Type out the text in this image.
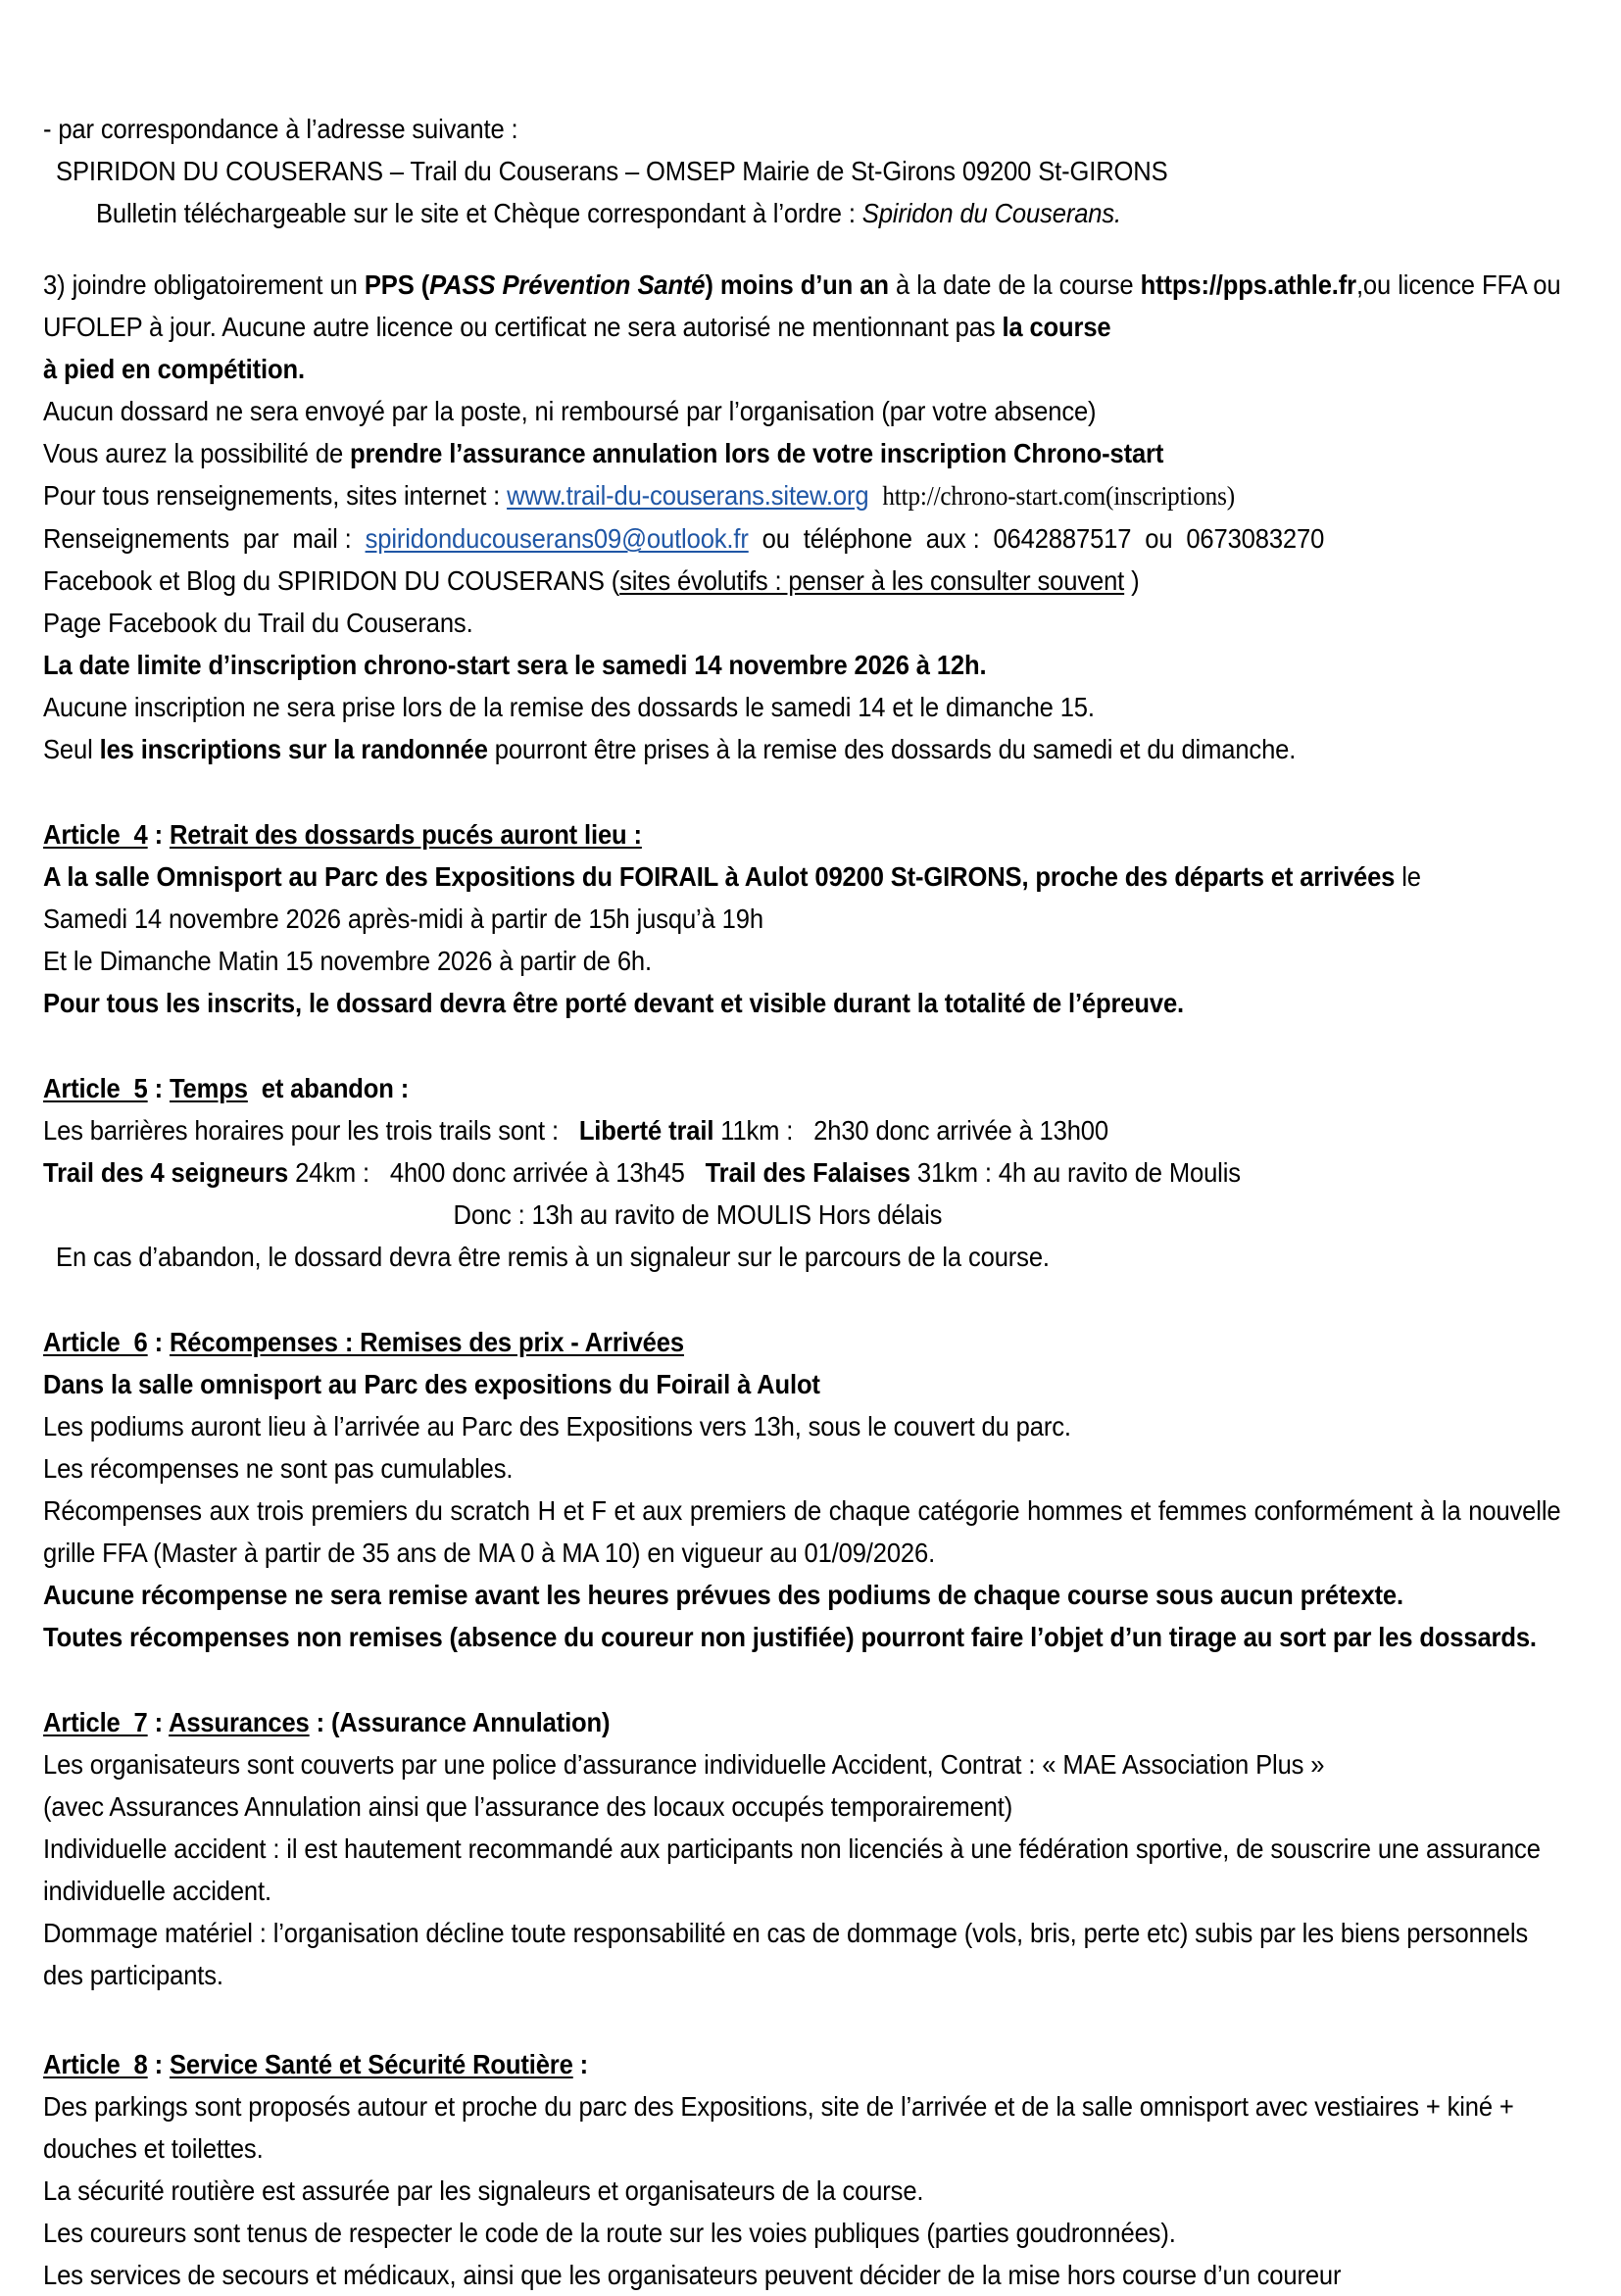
- par correspondance à l’adresse suivante :

SPIRIDON DU COUSERANS – Trail du Couserans – OMSEP Mairie de St-Girons 09200 St-GIRONS

Bulletin téléchargeable sur le site et Chèque correspondant à l’ordre : Spiridon du Couserans.

3) joindre obligatoirement un PPS (PASS Prévention Santé) moins d’un an à la date de la course https://pps.athle.fr,ou licence FFA ou UFOLEP à jour. Aucune autre licence ou certificat ne sera autorisé ne mentionnant pas la course

à pied en compétition.

Aucun dossard ne sera envoyé par la poste, ni remboursé par l’organisation (par votre absence)

Vous aurez la possibilité de prendre l’assurance annulation lors de votre inscription Chrono-start

Pour tous renseignements, sites internet : www.trail-du-couserans.sitew.org http://chrono-start.com(inscriptions)

Renseignements  par  mail :  spiridonducouserans09@outlook.fr  ou  téléphone  aux :  0642887517  ou  0673083270

Facebook et Blog du SPIRIDON DU COUSERANS (sites évolutifs : penser à les consulter souvent )

Page Facebook du Trail du Couserans.

La date limite d’inscription chrono-start sera le samedi 14 novembre 2026 à 12h.

Aucune inscription ne sera prise lors de la remise des dossards le samedi 14 et le dimanche 15.

Seul les inscriptions sur la randonnée pourront être prises à la remise des dossards du samedi et du dimanche.

Article  4 : Retrait des dossards pucés auront lieu :

A la salle Omnisport au Parc des Expositions du FOIRAIL à Aulot 09200 St-GIRONS, proche des départs et arrivées le

Samedi 14 novembre 2026 après-midi à partir de 15h jusqu’à 19h

Et le Dimanche Matin 15 novembre 2026 à partir de 6h.

Pour tous les inscrits, le dossard devra être porté devant et visible durant la totalité de l’épreuve.

Article  5 : Temps  et abandon :

Les barrières horaires pour les trois trails sont :   Liberté trail 11km :   2h30 donc arrivée à 13h00

Trail des 4 seigneurs 24km :   4h00 donc arrivée à 13h45   Trail des Falaises 31km : 4h au ravito de Moulis

Donc : 13h au ravito de MOULIS Hors délais

En cas d’abandon, le dossard devra être remis à un signaleur sur le parcours de la course.

Article  6 : Récompenses : Remises des prix - Arrivées

Dans la salle omnisport au Parc des expositions du Foirail à Aulot

Les podiums auront lieu à l’arrivée au Parc des Expositions vers 13h, sous le couvert du parc.

Les récompenses ne sont pas cumulables.

Récompenses aux trois premiers du scratch H et F et aux premiers de chaque catégorie hommes et femmes conformément à la nouvelle grille FFA (Master à partir de 35 ans de MA 0 à MA 10) en vigueur au 01/09/2026.

Aucune récompense ne sera remise avant les heures prévues des podiums de chaque course sous aucun prétexte.

Toutes récompenses non remises (absence du coureur non justifiée) pourront faire l’objet d’un tirage au sort par les dossards.

Article  7 : Assurances : (Assurance Annulation)

Les organisateurs sont couverts par une police d’assurance individuelle Accident, Contrat : « MAE Association Plus »

(avec Assurances Annulation ainsi que l’assurance des locaux occupés temporairement)

Individuelle accident : il est hautement recommandé aux participants non licenciés à une fédération sportive, de souscrire une assurance individuelle accident.

Dommage matériel : l’organisation décline toute responsabilité en cas de dommage (vols, bris, perte etc) subis par les biens personnels des participants.

Article  8 : Service Santé et Sécurité Routière :

Des parkings sont proposés autour et proche du parc des Expositions, site de l’arrivée et de la salle omnisport avec vestiaires + kiné + douches et toilettes.

La sécurité routière est assurée par les signaleurs et organisateurs de la course.

Les coureurs sont tenus de respecter le code de la route sur les voies publiques (parties goudronnées).

Les services de secours et médicaux, ainsi que les organisateurs peuvent décider de la mise hors course d’un coureur
